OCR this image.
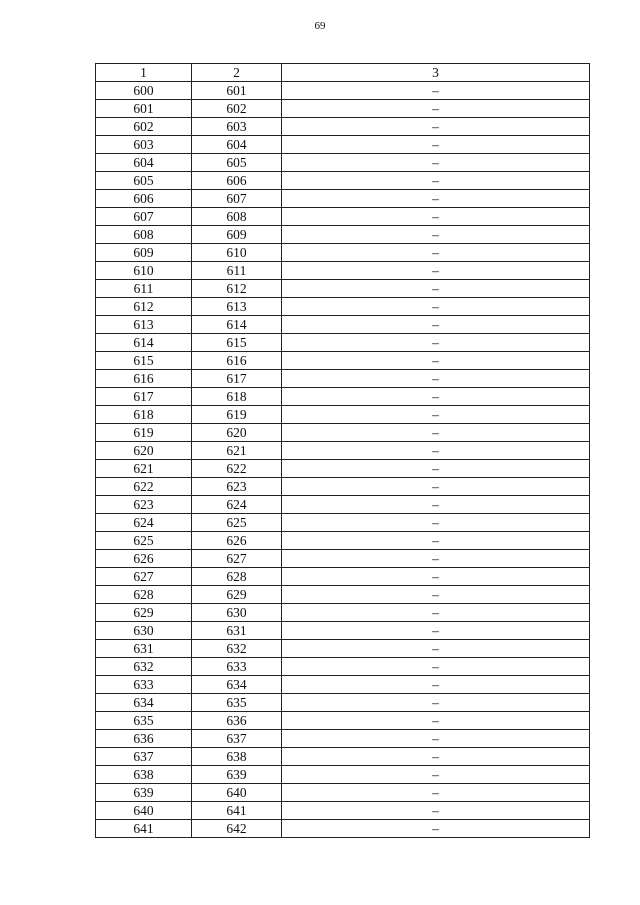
69
1	2	3
600	601	–
601	602	–
602	603	–
603	604	–
604	605	–
605	606	–
606	607	–
607	608	–
608	609	–
609	610	–
610	611	–
611	612	–
612	613	–
613	614	–
614	615	–
615	616	–
616	617	–
617	618	–
618	619	–
619	620	–
620	621	–
621	622	–
622	623	–
623	624	–
624	625	–
625	626	–
626	627	–
627	628	–
628	629	–
629	630	–
630	631	–
631	632	–
632	633	–
633	634	–
634	635	–
635	636	–
636	637	–
637	638	–
638	639	–
639	640	–
640	641	–
641	642	–
